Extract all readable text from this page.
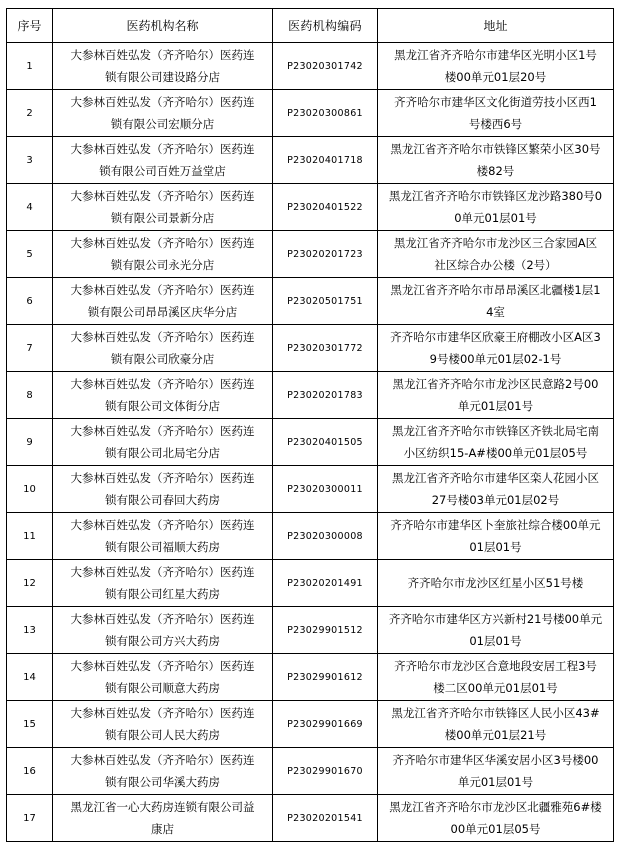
序号	医药机构名称	医药机构编码	地址
1	大参林百姓弘发（齐齐哈尔）医药连
锁有限公司建设路分店	P23020301742	黑龙江省齐齐哈尔市建华区光明小区1号
楼00单元01层20号

2	大参林百姓弘发（齐齐哈尔）医药连
锁有限公司宏顺分店	P23020300861	齐齐哈尔市建华区文化街道劳技小区西1
号楼西6号

3	大参林百姓弘发（齐齐哈尔）医药连
锁有限公司百姓万益堂店	P23020401718	黑龙江省齐齐哈尔市铁锋区繁荣小区30号
楼82号

4	大参林百姓弘发（齐齐哈尔）医药连
锁有限公司景新分店	P23020401522	黑龙江省齐齐哈尔市铁锋区龙沙路380号0
0单元01层01号

5	大参林百姓弘发（齐齐哈尔）医药连
锁有限公司永光分店	P23020201723	黑龙江省齐齐哈尔市龙沙区三合家园A区
社区综合办公楼（2号）

6	大参林百姓弘发（齐齐哈尔）医药连
锁有限公司昂昂溪区庆华分店	P23020501751	黑龙江省齐齐哈尔市昂昂溪区北疆楼1层1
4室

7	大参林百姓弘发（齐齐哈尔）医药连
锁有限公司欣豪分店	P23020301772	齐齐哈尔市建华区欣豪王府棚改小区A区3
9号楼00单元01层02-1号

8	大参林百姓弘发（齐齐哈尔）医药连
锁有限公司文体街分店	P23020201783	黑龙江省齐齐哈尔市龙沙区民意路2号00
单元01层01号

9	大参林百姓弘发（齐齐哈尔）医药连
锁有限公司北局宅分店	P23020401505	黑龙江省齐齐哈尔市铁锋区齐铁北局宅南
小区纺织15-A#楼00单元01层05号

10	大参林百姓弘发（齐齐哈尔）医药连
锁有限公司春回大药房	P23020300011	黑龙江省齐齐哈尔市建华区栾人花园小区
27号楼03单元01层02号

11	大参林百姓弘发（齐齐哈尔）医药连
锁有限公司福顺大药房	P23020300008	齐齐哈尔市建华区卜奎旅社综合楼00单元
01层01号

12	大参林百姓弘发（齐齐哈尔）医药连
锁有限公司红星大药房	P23020201491	齐齐哈尔市龙沙区红星小区51号楼

13	大参林百姓弘发（齐齐哈尔）医药连
锁有限公司方兴大药房	P23029901512	齐齐哈尔市建华区方兴新村21号楼00单元
01层01号

14	大参林百姓弘发（齐齐哈尔）医药连
锁有限公司顺意大药房	P23029901612	齐齐哈尔市龙沙区合意地段安居工程3号
楼二区00单元01层01号

15	大参林百姓弘发（齐齐哈尔）医药连
锁有限公司人民大药房	P23029901669	黑龙江省齐齐哈尔市铁锋区人民小区43#
楼00单元01层21号

16	大参林百姓弘发（齐齐哈尔）医药连
锁有限公司华溪大药房	P23029901670	齐齐哈尔市建华区华溪安居小区3号楼00
单元01层01号

17	黑龙江省一心大药房连锁有限公司益
康店	P23020201541	黑龙江省齐齐哈尔市龙沙区北疆雅苑6#楼
00单元01层05号
